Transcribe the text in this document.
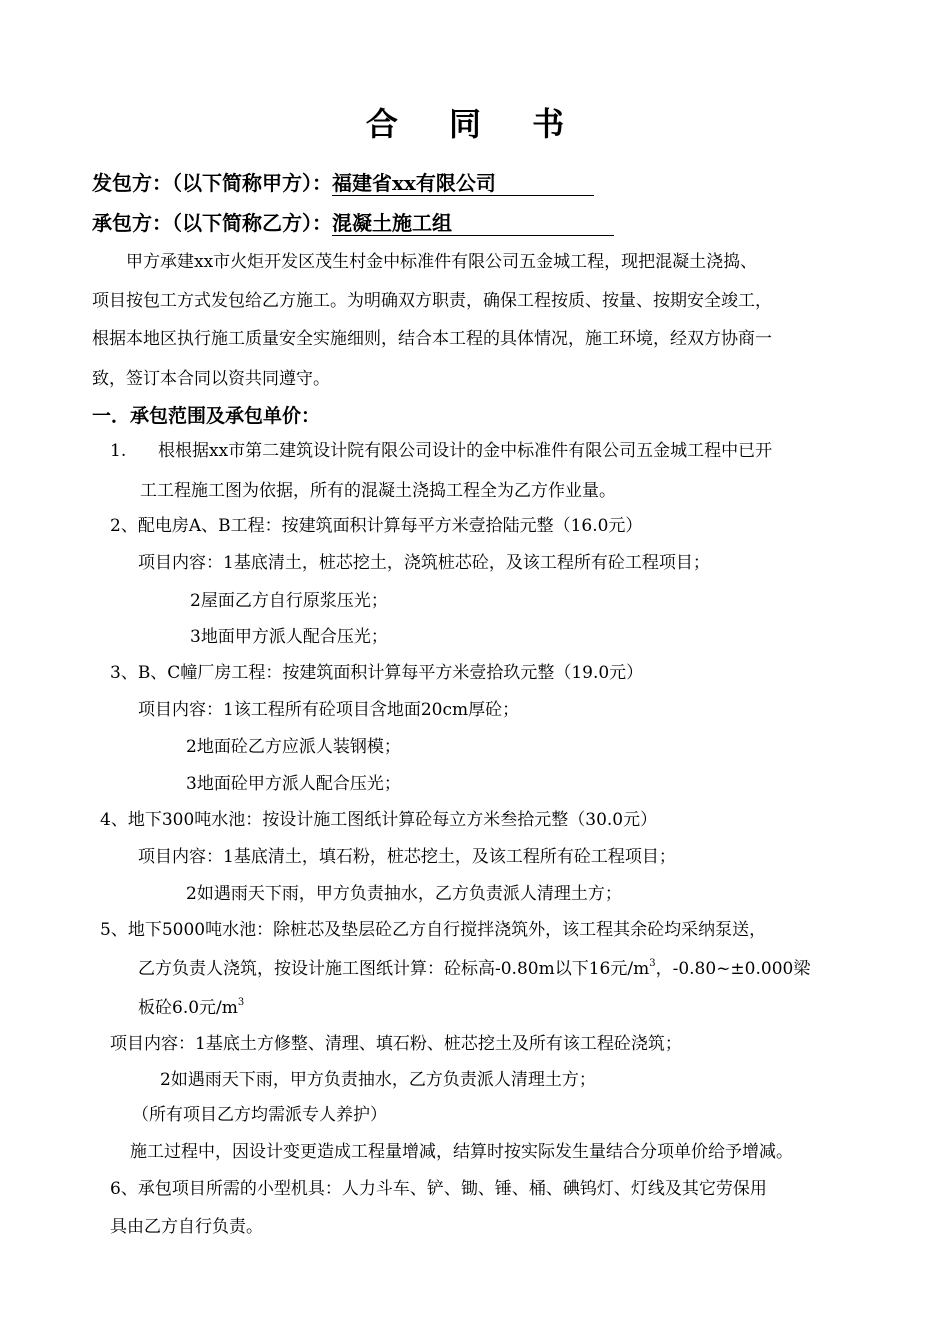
合 同 书
发包方：（以下简称甲方）：福建省xx有限公司
承包方：（以下简称乙方）：混凝土施工组
甲方承建xx市火炬开发区茂生村金中标准件有限公司五金城工程，现把混凝土浇捣、
项目按包工方式发包给乙方施工。为明确双方职责，确保工程按质、按量、按期安全竣工，
根据本地区执行施工质量安全实施细则，结合本工程的具体情况，施工环境，经双方协商一
致，签订本合同以资共同遵守。
一．承包范围及承包单价：
1. 根根据xx市第二建筑设计院有限公司设计的金中标准件有限公司五金城工程中已开
工工程施工图为依据，所有的混凝土浇捣工程全为乙方作业量。
2、配电房A、B工程：按建筑面积计算每平方米壹拾陆元整（16.0元）
项目内容：1基底清土，桩芯挖土，浇筑桩芯砼，及该工程所有砼工程项目；
2屋面乙方自行原浆压光；
3地面甲方派人配合压光；
3、B、C幢厂房工程：按建筑面积计算每平方米壹拾玖元整（19.0元）
项目内容：1该工程所有砼项目含地面20cm厚砼；
2地面砼乙方应派人装钢模；
3地面砼甲方派人配合压光；
4、地下300吨水池：按设计施工图纸计算砼每立方米叁拾元整（30.0元）
项目内容：1基底清土，填石粉，桩芯挖土，及该工程所有砼工程项目；
2如遇雨天下雨，甲方负责抽水，乙方负责派人清理土方；
5、地下5000吨水池：除桩芯及垫层砼乙方自行搅拌浇筑外，该工程其余砼均采纳泵送，
乙方负责人浇筑，按设计施工图纸计算：砼标高-0.80m以下16元$/m^3$，-0.80~±0.000梁
板砼6.0元$/m^3$
项目内容：1基底土方修整、清理、填石粉、桩芯挖土及所有该工程砼浇筑；
2如遇雨天下雨，甲方负责抽水，乙方负责派人清理土方；
（所有项目乙方均需派专人养护）
施工过程中，因设计变更造成工程量增减，结算时按实际发生量结合分项单价给予增减。
6、承包项目所需的小型机具：人力斗车、铲、锄、锤、桶、碘钨灯、灯线及其它劳保用
具由乙方自行负责。
